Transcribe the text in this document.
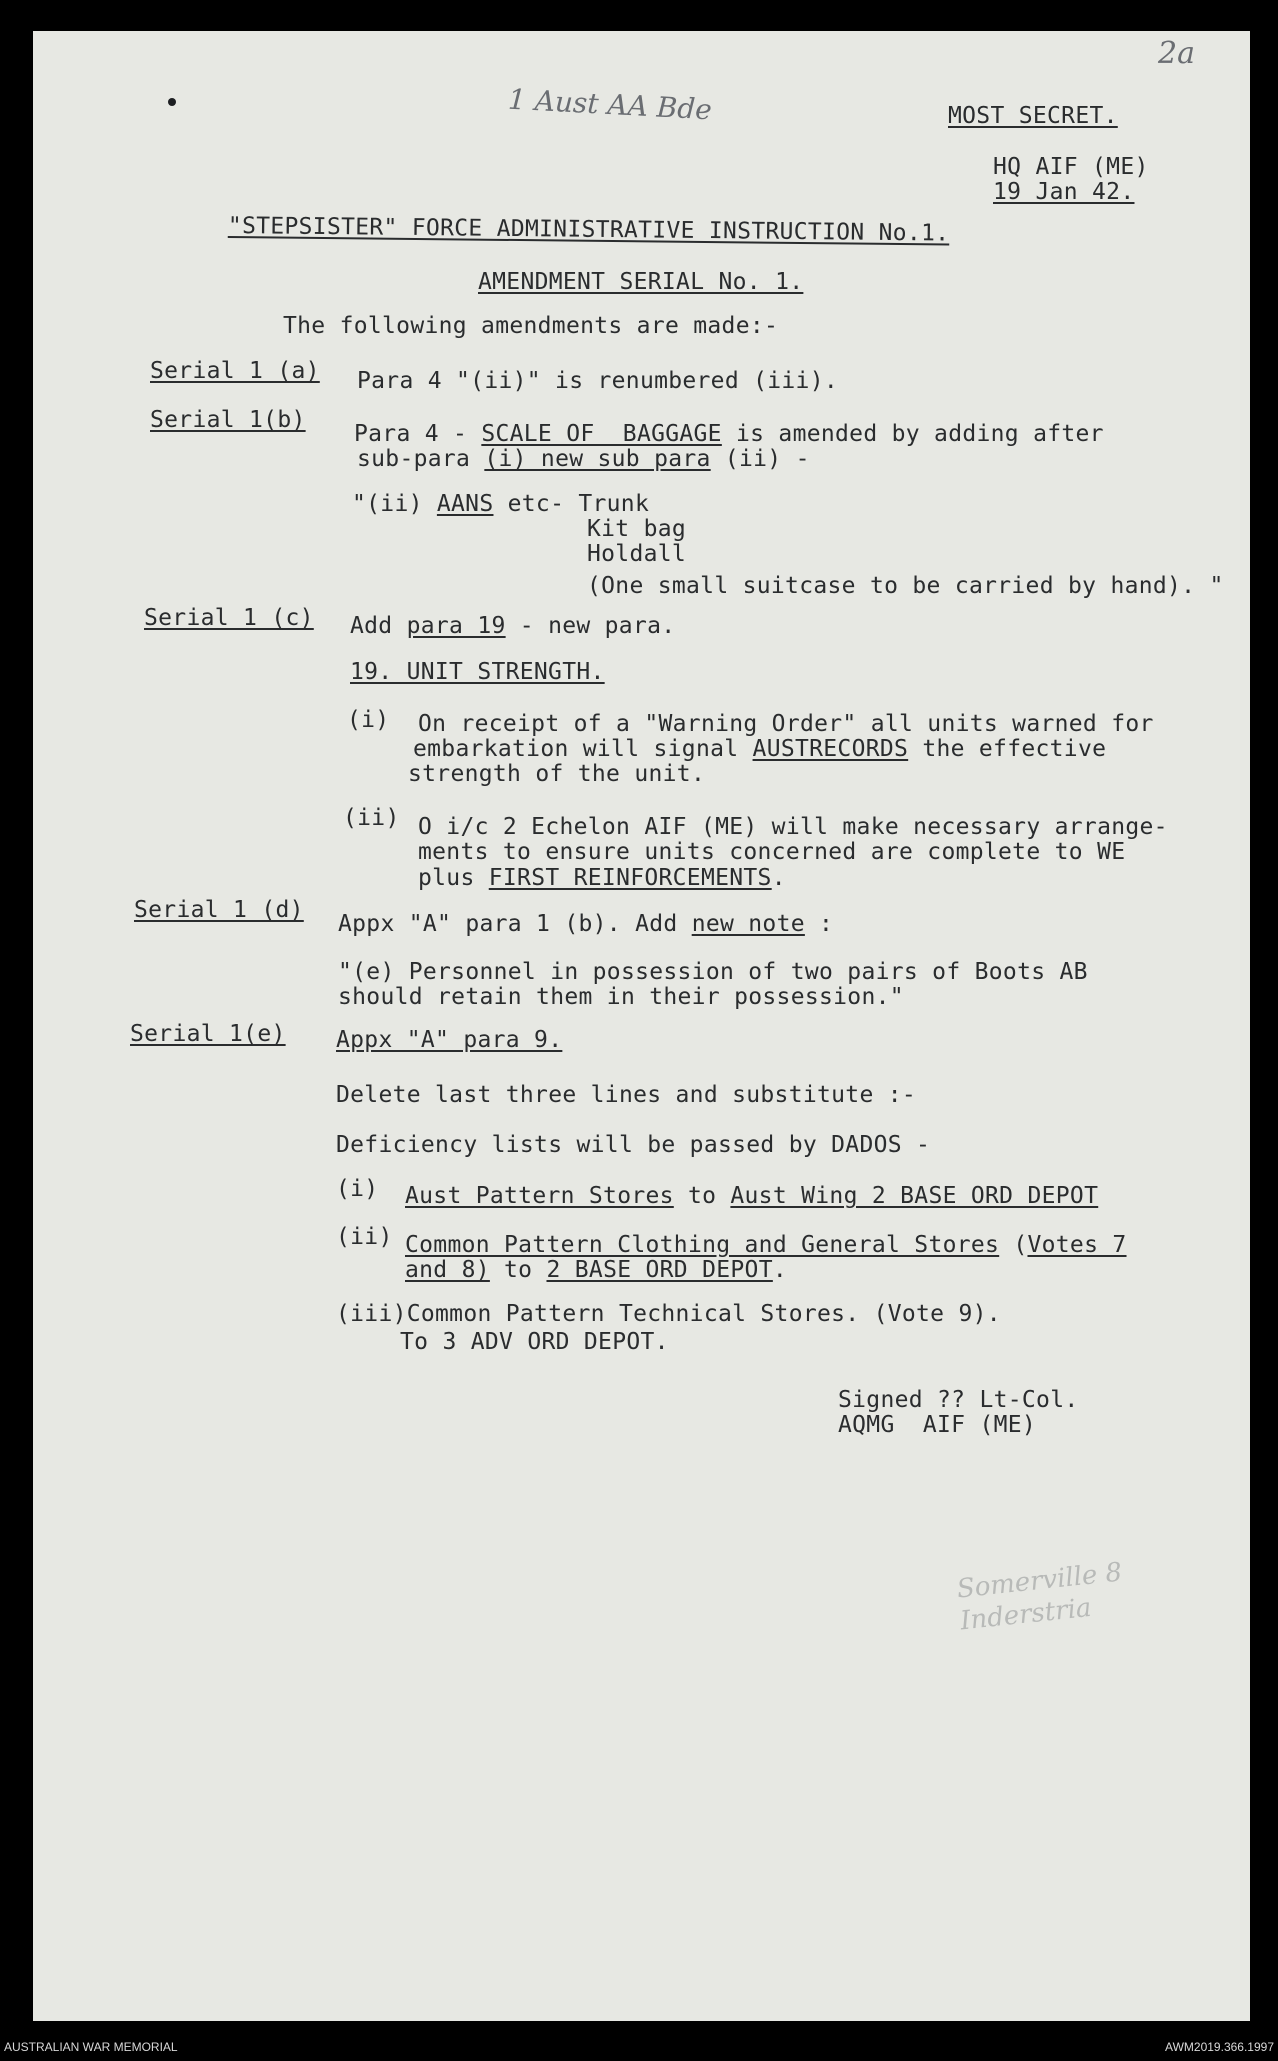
2a
1 Aust AA Bde
Somerville 8 Inderstria
MOST SECRET.
HQ AIF (ME)
19 Jan 42.
"STEPSISTER" FORCE ADMINISTRATIVE INSTRUCTION No.1.
AMENDMENT SERIAL No. 1.
The following amendments are made:-
Serial 1 (a) Para 4 "(ii)" is renumbered (iii).
Serial 1(b)
Para 4 - SCALE OF  BAGGAGE is amended by adding after
sub-para (i) new sub para (ii) -
"(ii) AANS etc- Trunk
Kit bag
Holdall
(One small suitcase to be carried by hand). "
Serial 1 (c) Add para 19 - new para.
19. UNIT STRENGTH.
(i) On receipt of a "Warning Order" all units warned for
embarkation will signal AUSTRECORDS the effective
strength of the unit.
(ii) O i/c 2 Echelon AIF (ME) will make necessary arrange-
ments to ensure units concerned are complete to WE
plus FIRST REINFORCEMENTS.
Serial 1 (d)
Appx "A" para 1 (b). Add new note :
"(e) Personnel in possession of two pairs of Boots AB
should retain them in their possession."
Serial 1(e) Appx "A" para 9.
Delete last three lines and substitute :-
Deficiency lists will be passed by DADOS -
(i) Aust Pattern Stores to Aust Wing 2 BASE ORD DEPOT
(ii) Common Pattern Clothing and General Stores (Votes 7
and 8) to 2 BASE ORD DEPOT.
(iii)Common Pattern Technical Stores. (Vote 9).
To 3 ADV ORD DEPOT.
Signed ?? Lt-Col.
AQMG  AIF (ME)
AUSTRALIAN WAR MEMORIAL	AWM2019.366.1997
